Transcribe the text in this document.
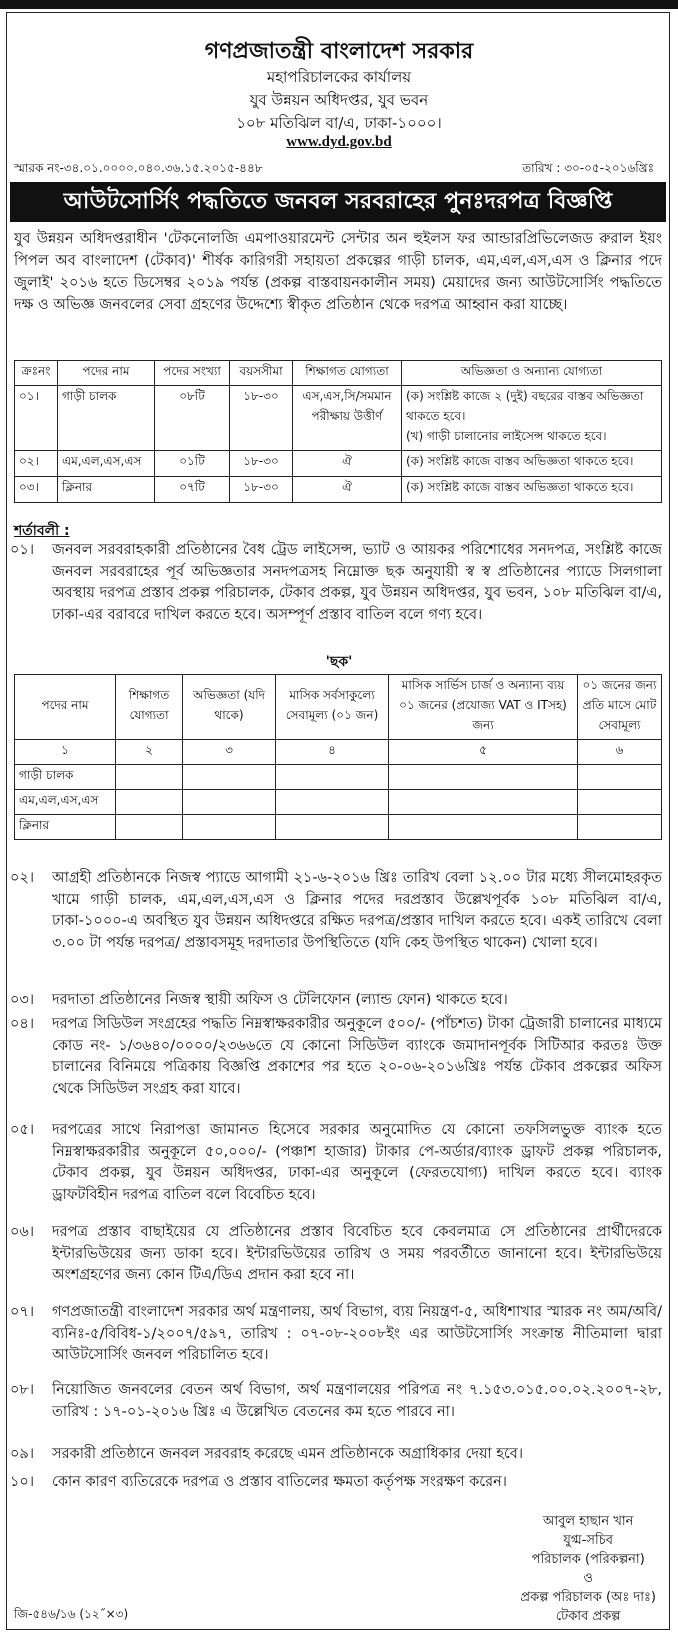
গণপ্রজাতন্ত্রী বাংলাদেশ সরকার
মহাপরিচালকের কার্যালয়
যুব উন্নয়ন অধিদপ্তর, যুব ভবন
১০৮ মতিঝিল বা/এ, ঢাকা-১০০০।
www.dyd.gov.bd
স্মারক নং-৩৪.০১.০০০০.০৪০.৩৬.১৫.২০১৫-৪৪৮	তারিখ : ৩০-০৫-২০১৬খ্রিঃ
আউটসোর্সিং পদ্ধতিতে জনবল সরবরাহের পুনঃদরপত্র বিজ্ঞপ্তি
যুব উন্নয়ন অধিদপ্তরাধীন 'টেকনোলজি এমপাওয়ারমেন্ট সেন্টার অন হুইলস ফর আন্ডারপ্রিভিলেজড রুরাল ইয়ং পিপল অব বাংলাদেশ (টেকাব)' শীর্ষক কারিগরী সহায়তা প্রকল্পের গাড়ী চালক, এম,এল,এস,এস ও ক্লিনার পদে জুলাই' ২০১৬ হতে ডিসেম্বর ২০১৯ পর্যন্ত (প্রকল্প বাস্তবায়নকালীন সময়) মেয়াদের জন্য আউটসোর্সিং পদ্ধতিতে দক্ষ ও অভিজ্ঞ জনবলের সেবা গ্রহণের উদ্দেশ্যে স্বীকৃত প্রতিষ্ঠান থেকে দরপত্র আহ্বান করা যাচ্ছে।
ক্রঃনং	পদের নাম	পদের সংখ্যা	বয়সসীমা	শিক্ষাগত যোগ্যতা	অভিজ্ঞতা ও অন্যান্য যোগ্যতা
০১।	গাড়ী চালক	০৮টি	১৮-৩০	এস,এস,সি/সমমান পরীক্ষায় উত্তীর্ণ	(ক) সংশ্লিষ্ট কাজে ২ (দুই) বছরের বাস্তব অভিজ্ঞতা থাকতে হবে।
(খ) গাড়ী চালানোর লাইসেন্স থাকতে হবে।

০২।	এম,এল,এস,এস	০১টি	১৮-৩০	ঐ	(ক) সংশ্লিষ্ট কাজে বাস্তব অভিজ্ঞতা থাকতে হবে।
০৩।	ক্লিনার	০৭টি	১৮-৩০	ঐ	(ক) সংশ্লিষ্ট কাজে বাস্তব অভিজ্ঞতা থাকতে হবে।
শর্তাবলী :
০১।	জনবল সরবরাহকারী প্রতিষ্ঠানের বৈধ ট্রেড লাইসেন্স, ভ্যাট ও আয়কর পরিশোধের সনদপত্র, সংশ্লিষ্ট কাজে জনবল সরবরাহের পূর্ব অভিজ্ঞতার সনদপত্রসহ নিম্নোক্ত ছক অনুযায়ী স্ব স্ব প্রতিষ্ঠানের প্যাডে সিলগালা অবস্থায় দরপত্র প্রস্তাব প্রকল্প পরিচালক, টেকাব প্রকল্প, যুব উন্নয়ন অধিদপ্তর, যুব ভবন, ১০৮ মতিঝিল বা/এ, ঢাকা-এর বরাবরে দাখিল করতে হবে। অসম্পূর্ণ প্রস্তাব বাতিল বলে গণ্য হবে।
'ছক'
পদের নাম	শিক্ষাগত যোগ্যতা	অভিজ্ঞতা (যদি থাকে)	মাসিক সর্বসাকুল্যে সেবামূল্য (০১ জন)	মাসিক সার্ভিস চার্জ ও অন্যান্য ব্যয় ০১ জনের (প্রযোজ্য VAT ও ITসহ) জন্য	০১ জনের জন্য প্রতি মাসে মোট সেবামূল্য
১	২	৩	৪	৫	৬
গাড়ী চালক					
এম,এল,এস,এস					
ক্লিনার					
০২।	আগ্রহী প্রতিষ্ঠানকে নিজস্ব প্যাডে আগামী ২১-৬-২০১৬ খ্রিঃ তারিখ বেলা ১২.০০ টার মধ্যে সীলমোহরকৃত খামে গাড়ী চালক, এম,এল,এস,এস ও ক্লিনার পদের দরপ্রস্তাব উল্লেখপূর্বক ১০৮ মতিঝিল বা/এ, ঢাকা-১০০০-এ অবস্থিত যুব উন্নয়ন অধিদপ্তরে রক্ষিত দরপত্র/প্রস্তাব দাখিল করতে হবে। একই তারিখে বেলা ৩.০০ টা পর্যন্ত দরপত্র/ প্রস্তাবসমূহ দরদাতার উপস্থিতিতে (যদি কেহ উপস্থিত থাকেন) খোলা হবে।
০৩।	দরদাতা প্রতিষ্ঠানের নিজস্ব স্থায়ী অফিস ও টেলিফোন (ল্যান্ড ফোন) থাকতে হবে।
০৪।	দরপত্র সিডিউল সংগ্রহের পদ্ধতি নিম্নস্বাক্ষরকারীর অনুকূলে ৫০০/- (পাঁচশত) টাকা ট্রেজারী চালানের মাধ্যমে কোড নং- ১/৩৬৪০/০০০০/২৩৬৬তে যে কোনো সিডিউল ব্যাংকে জমাদানপূর্বক সিটিআর করতঃ উক্ত চালানের বিনিময়ে পত্রিকায় বিজ্ঞপ্তি প্রকাশের পর হতে ২০-০৬-২০১৬খ্রিঃ পর্যন্ত টেকাব প্রকল্পের অফিস থেকে সিডিউল সংগ্রহ করা যাবে।
০৫।	দরপত্রের সাথে নিরাপত্তা জামানত হিসেবে সরকার অনুমোদিত যে কোনো তফসিলভুক্ত ব্যাংক হতে নিম্নস্বাক্ষরকারীর অনুকূলে ৫০,০০০/- (পঞ্চাশ হাজার) টাকার পে-অর্ডার/ব্যাংক ড্রাফট প্রকল্প পরিচালক, টেকাব প্রকল্প, যুব উন্নয়ন অধিদপ্তর, ঢাকা-এর অনুকূলে (ফেরতযোগ্য) দাখিল করতে হবে। ব্যাংক ড্রাফটবিহীন দরপত্র বাতিল বলে বিবেচিত হবে।
০৬।	দরপত্র প্রস্তাব বাছাইয়ের যে প্রতিষ্ঠানের প্রস্তাব বিবেচিত হবে কেবলমাত্র সে প্রতিষ্ঠানের প্রার্থীদেরকে ইন্টারভিউয়ের জন্য ডাকা হবে। ইন্টারভিউয়ের তারিখ ও সময় পরবর্তীতে জানানো হবে। ইন্টারভিউয়ে অংশগ্রহণের জন্য কোন টিএ/ডিএ প্রদান করা হবে না।
০৭।	গণপ্রজাতন্ত্রী বাংলাদেশ সরকার অর্থ মন্ত্রণালয়, অর্থ বিভাগ, ব্যয় নিয়ন্ত্রণ-৫, অধিশাখার স্মারক নং অম/অবি/ব্যনিঃ-৫/বিবিধ-১/২০০৭/৫৯৭, তারিখ : ০৭-০৮-২০০৮ইং এর আউটসোর্সিং সংক্রান্ত নীতিমালা দ্বারা আউটসোর্সিং জনবল পরিচালিত হবে।
০৮।	নিয়োজিত জনবলের বেতন অর্থ বিভাগ, অর্থ মন্ত্রণালয়ের পরিপত্র নং ৭.১৫৩.০১৫.০০.০২.২০০৭-২৮, তারিখ : ১৭-০১-২০১৬ খ্রিঃ এ উল্লেখিত বেতনের কম হতে পারবে না।
০৯।	সরকারী প্রতিষ্ঠানে জনবল সরবরাহ করেছে এমন প্রতিষ্ঠানকে অগ্রাধিকার দেয়া হবে।
১০।	কোন কারণ ব্যতিরেকে দরপত্র ও প্রস্তাব বাতিলের ক্ষমতা কর্তৃপক্ষ সংরক্ষণ করেন।
আবুল হাছান খান
যুগ্ম-সচিব
পরিচালক (পরিকল্পনা)
ও
প্রকল্প পরিচালক (অঃ দাঃ)
টেকাব প্রকল্প
জি-৫৪৬/১৬ (১২˝×৩)
